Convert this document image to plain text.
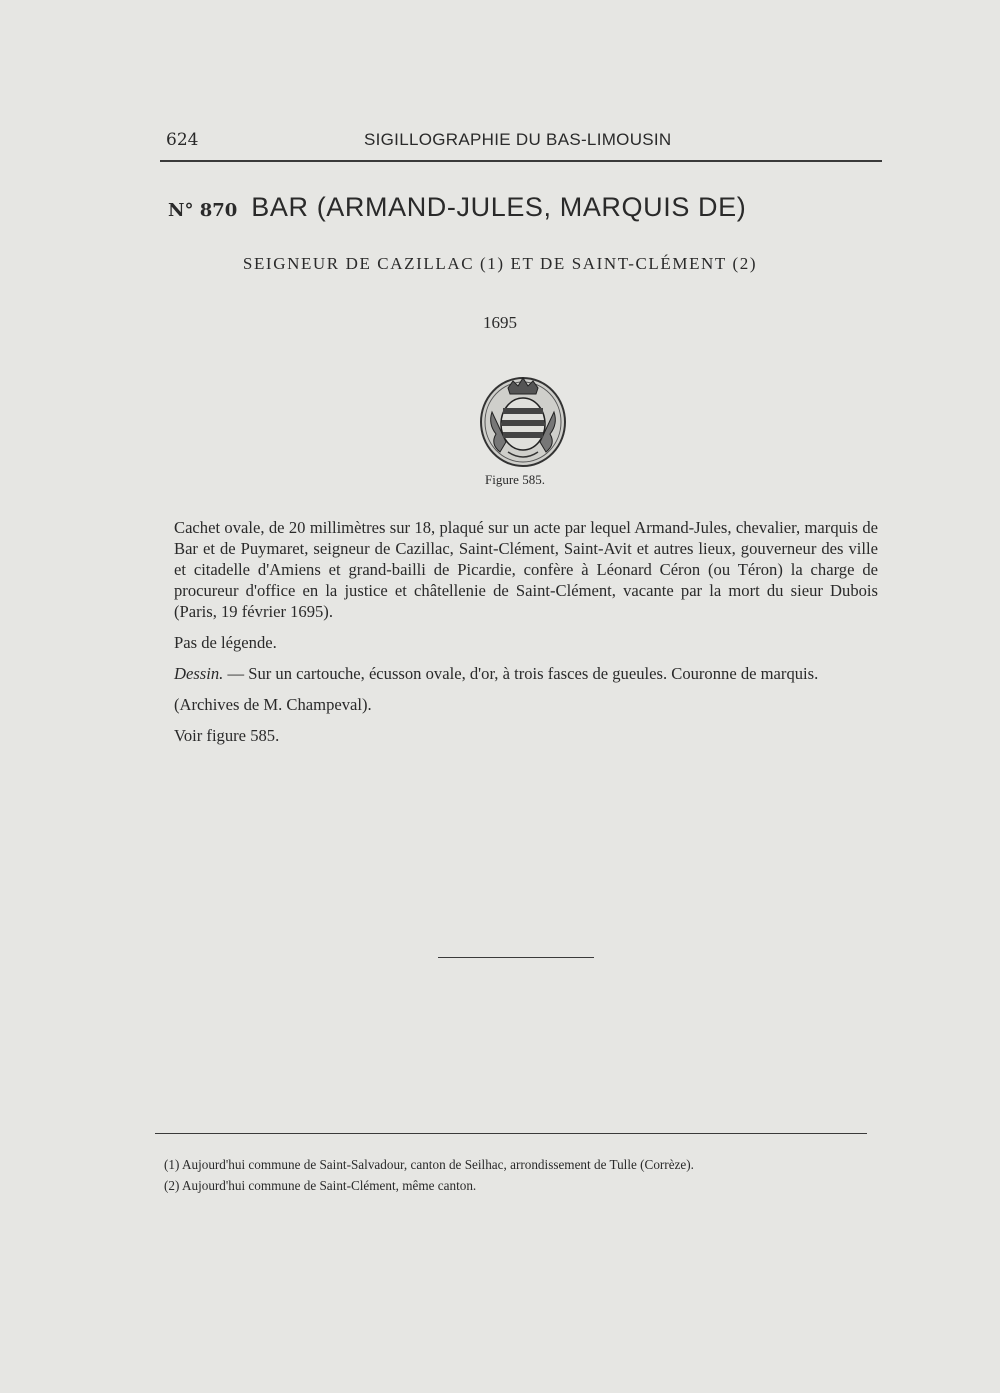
624	SIGILLOGRAPHIE DU BAS-LIMOUSIN
N° 870 BAR (ARMAND-JULES, MARQUIS DE)
SEIGNEUR DE CAZILLAC (1) ET DE SAINT-CLÉMENT (2)
1695
Figure 585.

Cachet ovale, de 20 millimètres sur 18, plaqué sur un acte par lequel Armand-Jules, chevalier, marquis de Bar et de Puymaret, seigneur de Cazillac, Saint-Clément, Saint-Avit et autres lieux, gouverneur des ville et citadelle d'Amiens et grand-bailli de Picardie, confère à Léonard Céron (ou Téron) la charge de procureur d'office en la justice et châtellenie de Saint-Clément, vacante par la mort du sieur Dubois (Paris, 19 février 1695).

Pas de légende.

Dessin. — Sur un cartouche, écusson ovale, d'or, à trois fasces de gueules. Couronne de marquis.

(Archives de M. Champeval).

Voir figure 585.

(1) Aujourd'hui commune de Saint-Salvadour, canton de Seilhac, arrondissement de Tulle (Corrèze).
(2) Aujourd'hui commune de Saint-Clément, même canton.
